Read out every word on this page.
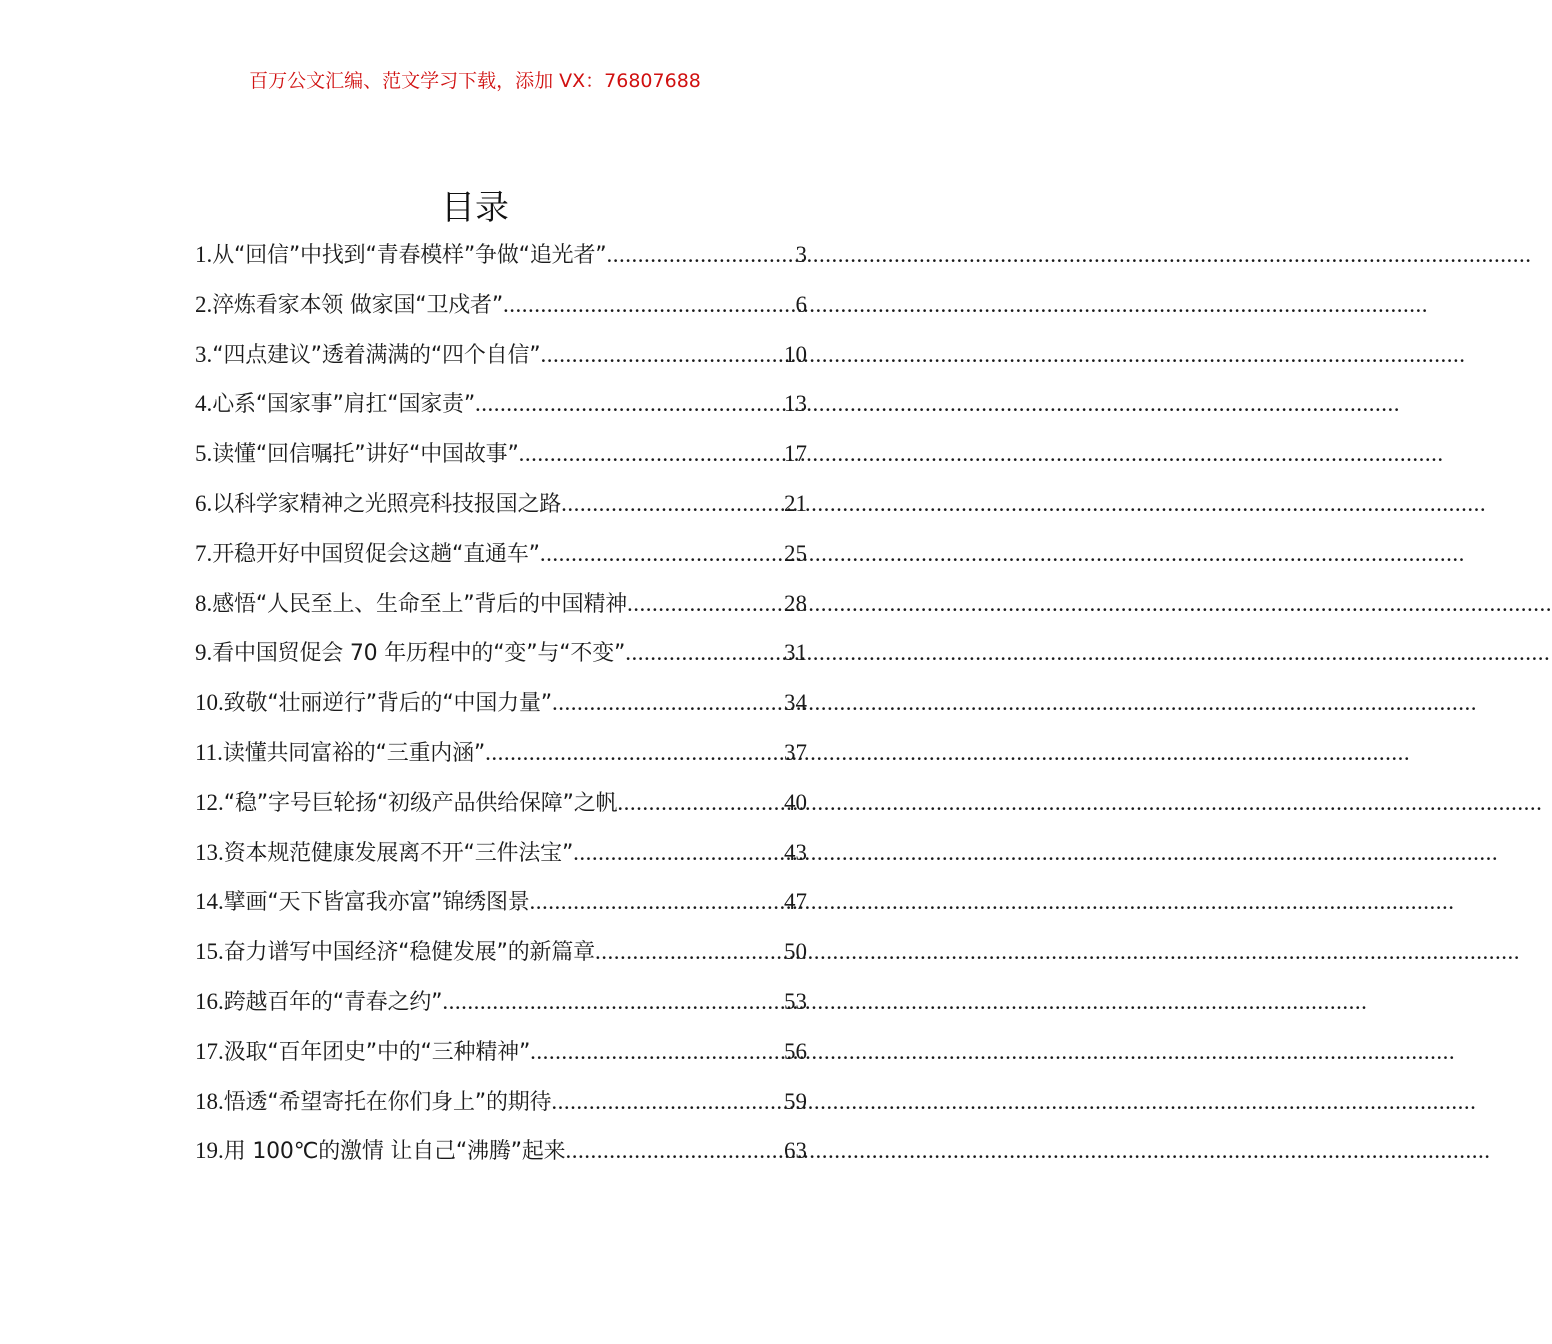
百万公文汇编、范文学习下载，添加 VX：76807688
目录
1. 从“回信”中找到“青春模样”争做“追光者” .....	3
2. 淬炼看家本领 做家国“卫戍者” .....	6
3. “四点建议”透着满满的“四个自信” .....	10
4. 心系“国家事”肩扛“国家责” .....	13
5. 读懂“回信嘱托”讲好“中国故事” .....	17
6. 以科学家精神之光照亮科技报国之路 .....	21
7. 开稳开好中国贸促会这趟“直通车” .....	25
8. 感悟“人民至上、生命至上”背后的中国精神 .....	28
9. 看中国贸促会 70 年历程中的“变”与“不变” .....	31
10. 致敬“壮丽逆行”背后的“中国力量” .....	34
11. 读懂共同富裕的“三重内涵” .....	37
12. “稳”字号巨轮扬“初级产品供给保障”之帆 .....	40
13. 资本规范健康发展离不开“三件法宝” .....	43
14. 擘画“天下皆富我亦富”锦绣图景 .....	47
15. 奋力谱写中国经济“稳健发展”的新篇章 .....	50
16. 跨越百年的“青春之约” .....	53
17. 汲取“百年团史”中的“三种精神” .....	56
18. 悟透“希望寄托在你们身上”的期待 .....	59
19. 用 100℃的激情 让自己“沸腾”起来 .....	63
